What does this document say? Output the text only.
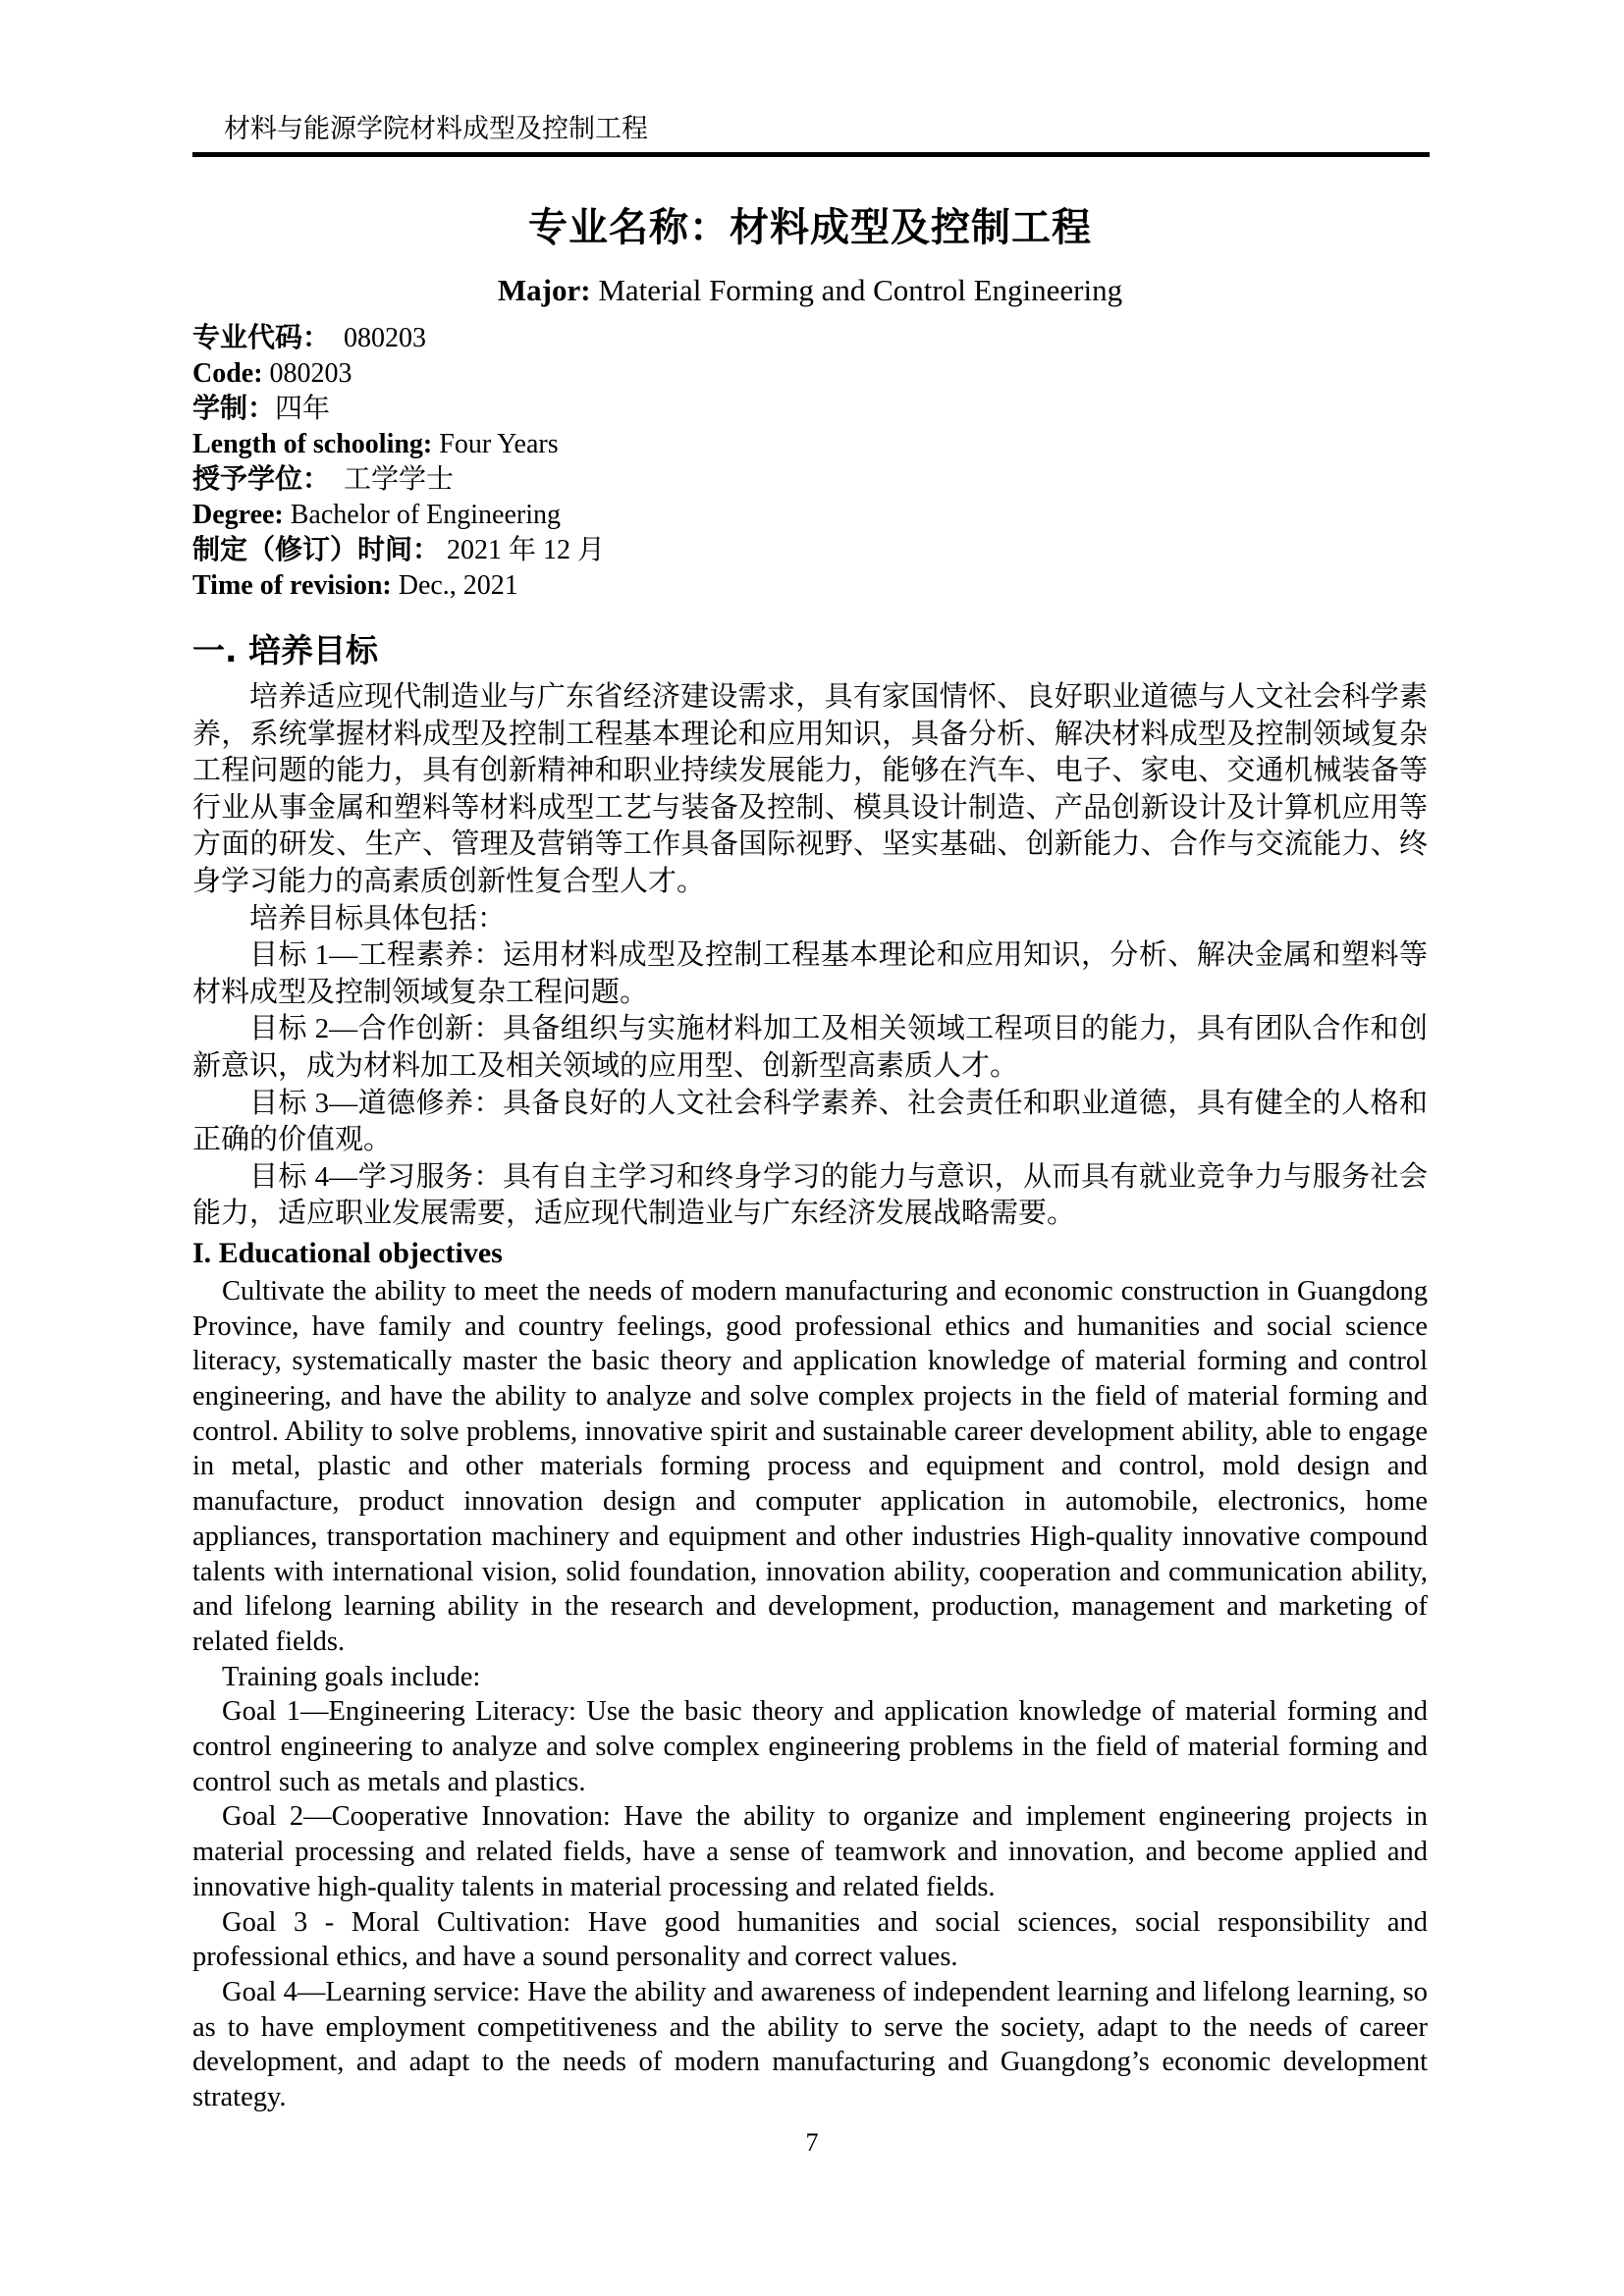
材料与能源学院材料成型及控制工程
专业名称：材料成型及控制工程
Major: Material Forming and Control Engineering
专业代码：  080203
Code: 080203
学制：四年
Length of schooling: Four Years
授予学位：  工学学士
Degree: Bachelor of Engineering
制定（修订）时间： 2021 年 12 月
Time of revision: Dec., 2021
一. 培养目标

培养适应现代制造业与广东省经济建设需求，具有家国情怀、良好职业道德与人文社会科学素养，系统掌握材料成型及控制工程基本理论和应用知识，具备分析、解决材料成型及控制领域复杂工程问题的能力，具有创新精神和职业持续发展能力，能够在汽车、电子、家电、交通机械装备等行业从事金属和塑料等材料成型工艺与装备及控制、模具设计制造、产品创新设计及计算机应用等方面的研发、生产、管理及营销等工作具备国际视野、坚实基础、创新能力、合作与交流能力、终身学习能力的高素质创新性复合型人才。

培养目标具体包括：

目标 1—工程素养：运用材料成型及控制工程基本理论和应用知识，分析、解决金属和塑料等材料成型及控制领域复杂工程问题。

目标 2—合作创新：具备组织与实施材料加工及相关领域工程项目的能力，具有团队合作和创新意识，成为材料加工及相关领域的应用型、创新型高素质人才。

目标 3—道德修养：具备良好的人文社会科学素养、社会责任和职业道德，具有健全的人格和正确的价值观。

目标 4—学习服务：具有自主学习和终身学习的能力与意识，从而具有就业竞争力与服务社会能力，适应职业发展需要，适应现代制造业与广东经济发展战略需要。

I. Educational objectives

Cultivate the ability to meet the needs of modern manufacturing and economic construction in Guangdong Province, have family and country feelings, good professional ethics and humanities and social science literacy, systematically master the basic theory and application knowledge of material forming and control engineering, and have the ability to analyze and solve complex projects in the field of material forming and control. Ability to solve problems, innovative spirit and sustainable career development ability, able to engage in metal, plastic and other materials forming process and equipment and control, mold design and manufacture, product innovation design and computer application in automobile, electronics, home appliances, transportation machinery and equipment and other industries High-quality innovative compound talents with international vision, solid foundation, innovation ability, cooperation and communication ability, and lifelong learning ability in the research and development, production, management and marketing of related fields.

Training goals include:

Goal 1—Engineering Literacy: Use the basic theory and application knowledge of material forming and control engineering to analyze and solve complex engineering problems in the field of material forming and control such as metals and plastics.

Goal 2—Cooperative Innovation: Have the ability to organize and implement engineering projects in material processing and related fields, have a sense of teamwork and innovation, and become applied and innovative high-quality talents in material processing and related fields.

Goal 3 - Moral Cultivation: Have good humanities and social sciences, social responsibility and professional ethics, and have a sound personality and correct values.

Goal 4—Learning service: Have the ability and awareness of independent learning and lifelong learning, so as to have employment competitiveness and the ability to serve the society, adapt to the needs of career development, and adapt to the needs of modern manufacturing and Guangdong’s economic development strategy.

7
